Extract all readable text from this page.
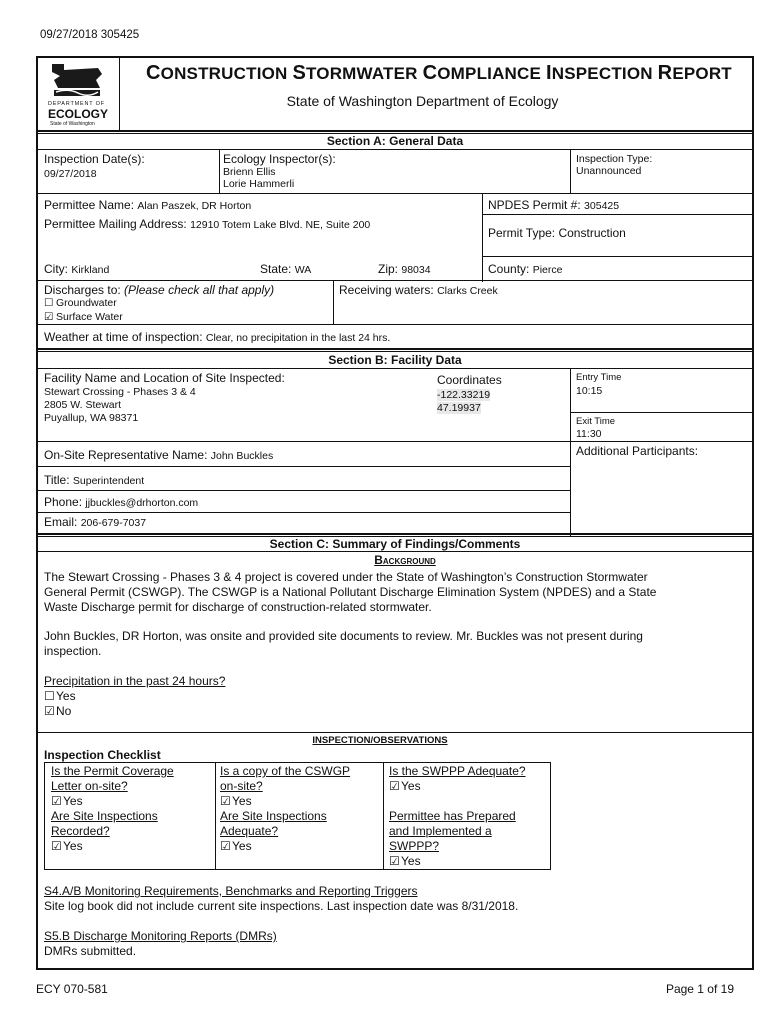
09/27/2018 305425
DEPARTMENT OF
ECOLOGY
State of Washington
CONSTRUCTION STORMWATER COMPLIANCE INSPECTION REPORT
State of Washington Department of Ecology
Section A: General Data
Inspection Date(s):
09/27/2018
Ecology Inspector(s):
Brienn Ellis
Lorie Hammerli
Inspection Type:
Unannounced
Permittee Name: Alan Paszek, DR Horton	NPDES Permit #: 305425
Permittee Mailing Address: 12910 Totem Lake Blvd. NE, Suite 200
Permit Type: Construction
City: Kirkland	State: WA	Zip: 98034	County: Pierce
Discharges to: (Please check all that apply)
☐ Groundwater
☑ Surface Water
Receiving waters: Clarks Creek
Weather at time of inspection: Clear, no precipitation in the last 24 hrs.
Section B: Facility Data
Facility Name and Location of Site Inspected:
Stewart Crossing - Phases 3 & 4
2805 W. Stewart
Puyallup, WA 98371
Coordinates
-122.33219
47.19937
Entry Time
10:15
Exit Time
11:30
On-Site Representative Name: John Buckles	Additional Participants:
Title: Superintendent
Phone: jjbuckles@drhorton.com
Email: 206-679-7037
Section C: Summary of Findings/Comments
Background
The Stewart Crossing - Phases 3 & 4 project is covered under the State of Washington’s Construction Stormwater
General Permit (CSWGP). The CSWGP is a National Pollutant Discharge Elimination System (NPDES) and a State
Waste Discharge permit for discharge of construction-related stormwater.
John Buckles, DR Horton, was onsite and provided site documents to review. Mr. Buckles was not present during
inspection.
Precipitation in the past 24 hours?
☐Yes
☑No
INSPECTION/OBSERVATIONS
Inspection Checklist
Is the Permit Coverage
Letter on-site?
☑Yes
Is a copy of the CSWGP
on-site?
☑Yes
Is the SWPPP Adequate?
☑Yes
Are Site Inspections
Recorded?
☑Yes
Are Site Inspections
Adequate?
☑Yes
Permittee has Prepared
and Implemented a
SWPPP?
☑Yes
S4.A/B Monitoring Requirements, Benchmarks and Reporting Triggers
Site log book did not include current site inspections. Last inspection date was 8/31/2018.
S5.B Discharge Monitoring Reports (DMRs)
DMRs submitted.
ECY 070-581	Page 1 of 19
